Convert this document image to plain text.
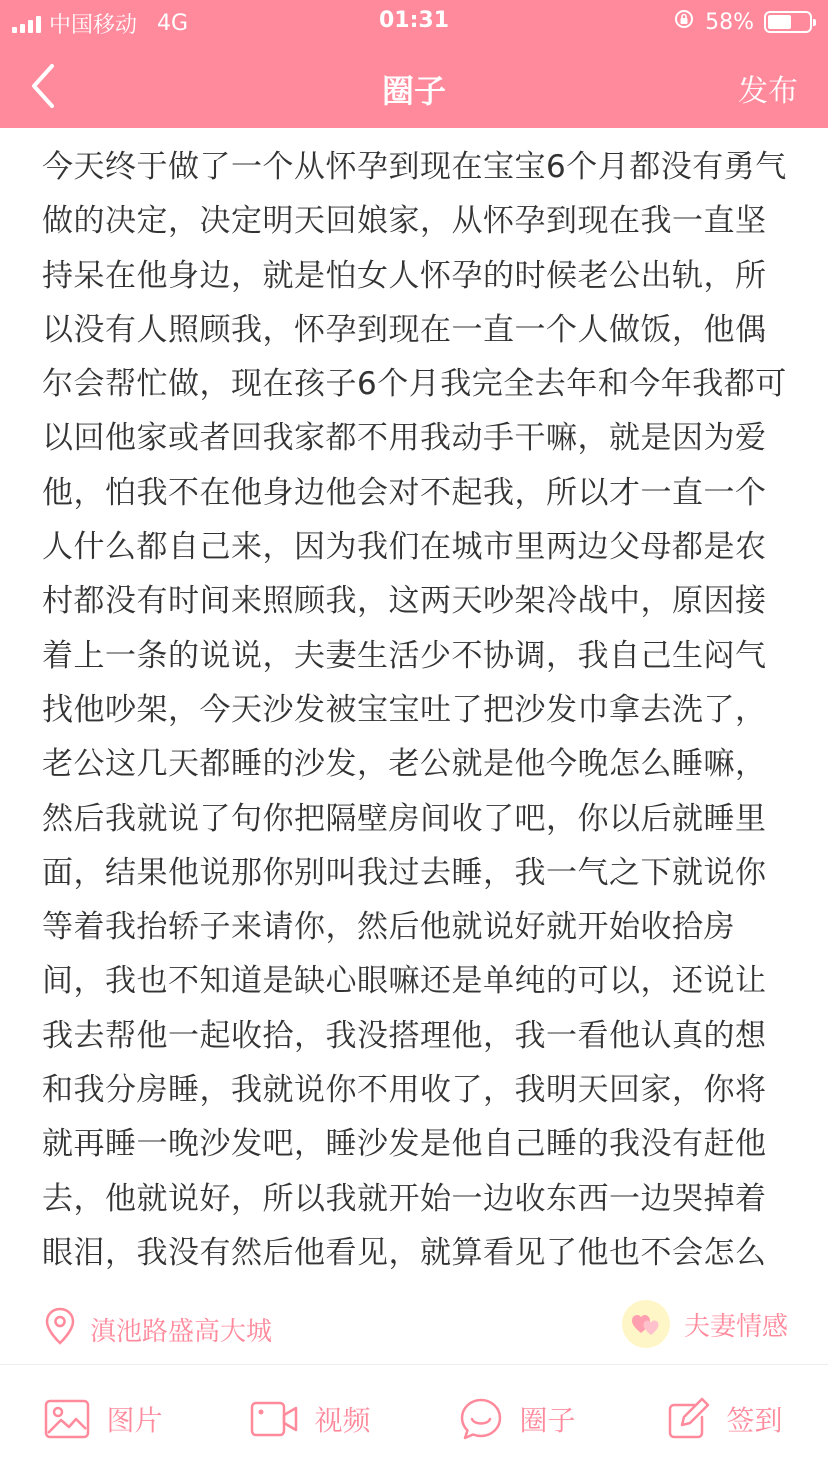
中国移动 4G	01:31	58%
圈子	发布
今天终于做了一个从怀孕到现在宝宝6个月都没有勇气做的决定，决定明天回娘家，从怀孕到现在我一直坚持呆在他身边，就是怕女人怀孕的时候老公出轨，所以没有人照顾我，怀孕到现在一直一个人做饭，他偶尔会帮忙做，现在孩子6个月我完全去年和今年我都可以回他家或者回我家都不用我动手干嘛，就是因为爱他，怕我不在他身边他会对不起我，所以才一直一个人什么都自己来，因为我们在城市里两边父母都是农村都没有时间来照顾我，这两天吵架冷战中，原因接着上一条的说说，夫妻生活少不协调，我自己生闷气找他吵架，今天沙发被宝宝吐了把沙发巾拿去洗了，老公这几天都睡的沙发，老公就是他今晚怎么睡嘛，然后我就说了句你把隔壁房间收了吧，你以后就睡里面，结果他说那你别叫我过去睡，我一气之下就说你等着我抬轿子来请你，然后他就说好就开始收拾房间，我也不知道是缺心眼嘛还是单纯的可以，还说让我去帮他一起收拾，我没搭理他，我一看他认真的想和我分房睡，我就说你不用收了，我明天回家，你将就再睡一晚沙发吧，睡沙发是他自己睡的我没有赶他去，他就说好，所以我就开始一边收东西一边哭掉着眼泪，我没有然后他看见，就算看见了他也不会怎么
滇池路盛高大城	夫妻情感
图片	视频	圈子	签到
